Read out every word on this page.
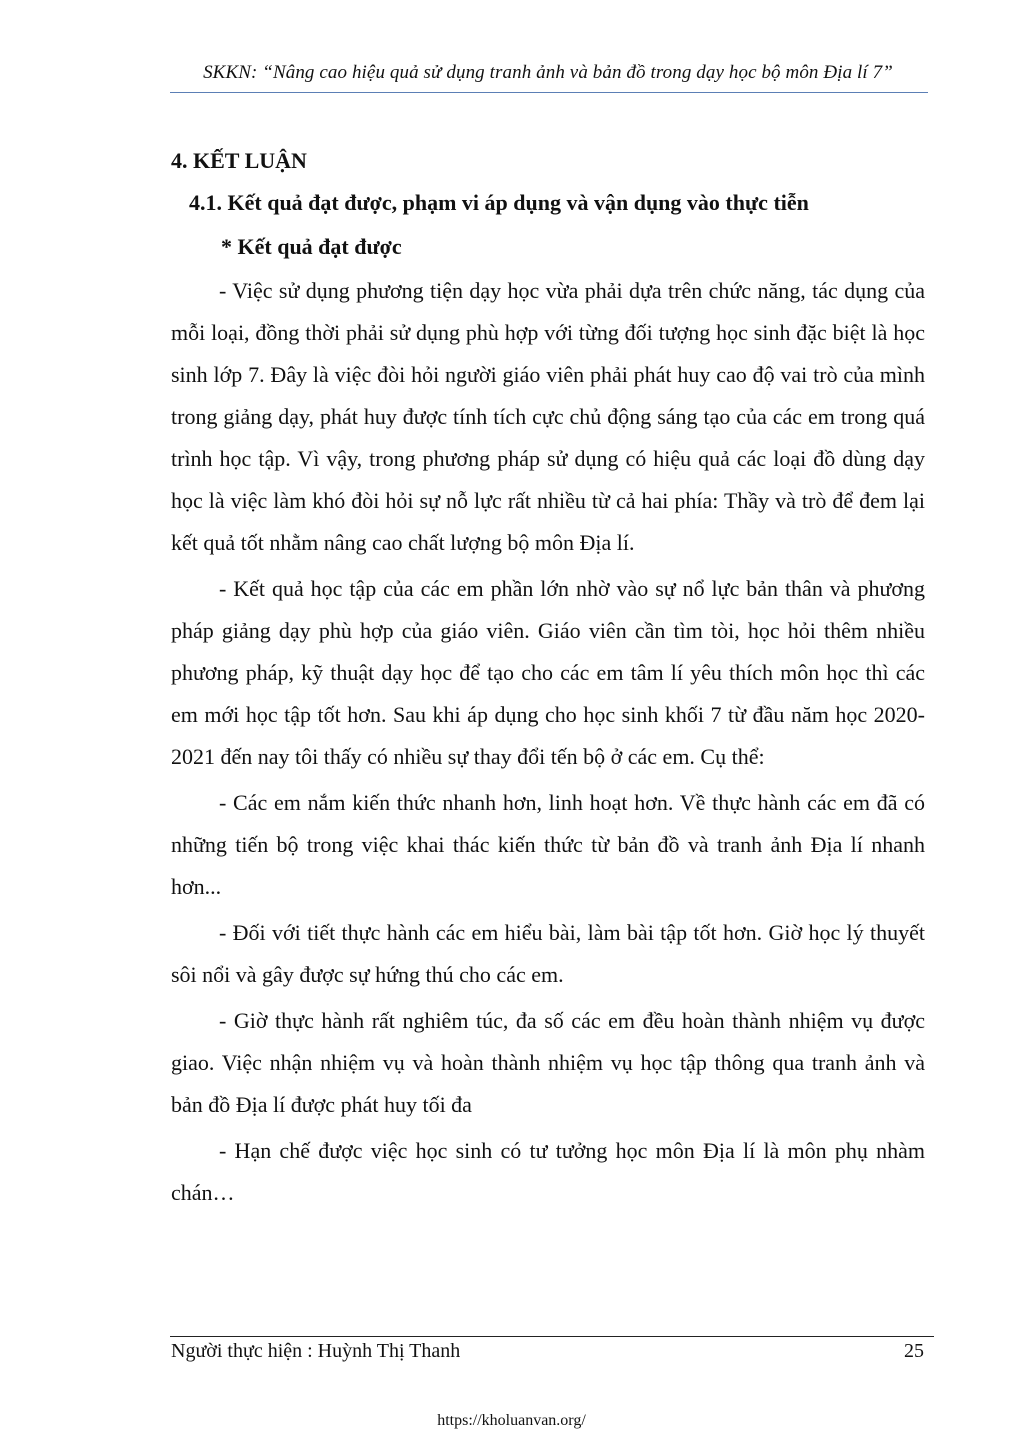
SKKN: “Nâng cao hiệu quả sử dụng tranh ảnh và bản đồ trong dạy học bộ môn Địa lí 7”
4. KẾT LUẬN
4.1. Kết quả đạt được, phạm vi áp dụng và vận dụng vào thực tiễn
* Kết quả đạt được

- Việc sử dụng phương tiện dạy học vừa phải dựa trên chức năng, tác dụng của mỗi loại, đồng thời phải sử dụng phù hợp với từng đối tượng học sinh đặc biệt là học sinh lớp 7. Đây là việc đòi hỏi người giáo viên phải phát huy cao độ vai trò của mình trong giảng dạy, phát huy được tính tích cực chủ động sáng tạo của các em trong quá trình học tập. Vì vậy, trong phương pháp sử dụng có hiệu quả các loại đồ dùng dạy học là việc làm khó đòi hỏi sự nỗ lực rất nhiều từ cả hai phía: Thầy và trò để đem lại kết quả tốt nhằm nâng cao chất lượng bộ môn Địa lí.

- Kết quả học tập của các em phần lớn nhờ vào sự nổ lực bản thân và phương pháp giảng dạy phù hợp của giáo viên. Giáo viên cần tìm tòi, học hỏi thêm nhiều phương pháp, kỹ thuật dạy học để tạo cho các em tâm lí yêu thích môn học thì các em mới học tập tốt hơn. Sau khi áp dụng cho học sinh khối 7 từ đầu năm học 2020-2021 đến nay tôi thấy có nhiều sự thay đổi tến bộ ở các em. Cụ thể:

- Các em nắm kiến thức nhanh hơn, linh hoạt hơn. Về thực hành các em đã có những tiến bộ trong việc khai thác kiến thức từ bản đồ và tranh ảnh Địa lí nhanh hơn...

- Đối với tiết thực hành các em hiểu bài, làm bài tập tốt hơn. Giờ học lý thuyết sôi nổi và gây được sự hứng thú cho các em.

- Giờ thực hành rất nghiêm túc, đa số các em đều hoàn thành nhiệm vụ được giao. Việc nhận nhiệm vụ và hoàn thành nhiệm vụ học tập thông qua tranh ảnh và bản đồ Địa lí được phát huy tối đa

- Hạn chế được việc học sinh có tư tưởng học môn Địa lí là môn phụ nhàm chán…

Người thực hiện : Huỳnh Thị Thanh	25
https://kholuanvan.org/
